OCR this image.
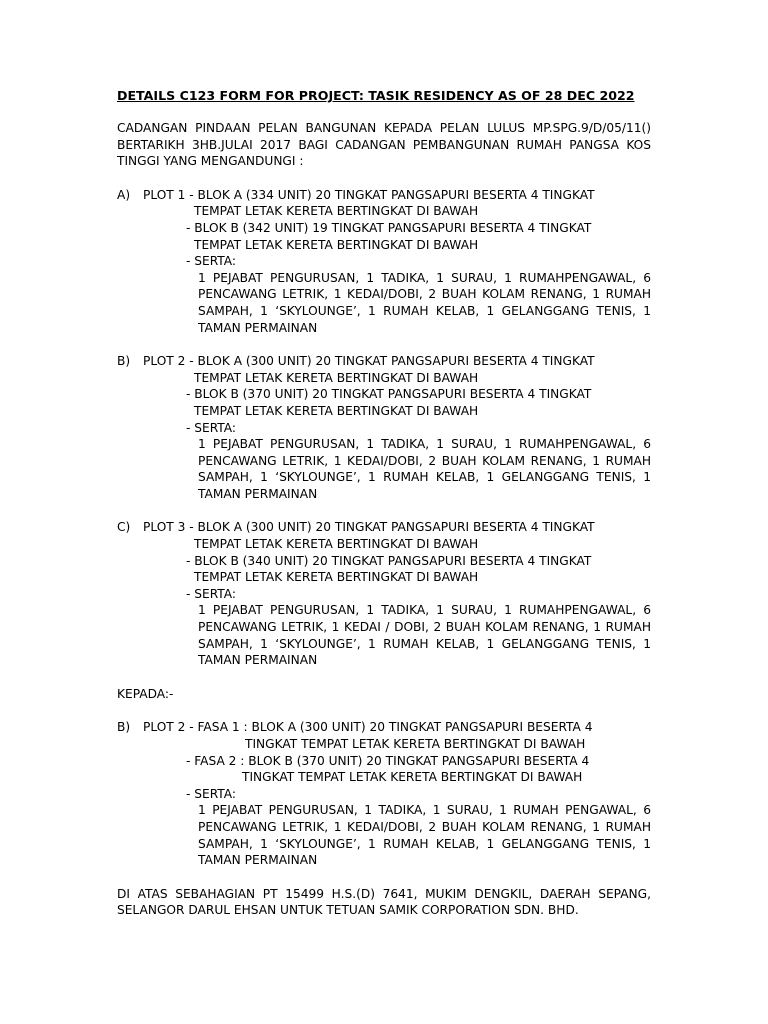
DETAILS C123 FORM FOR PROJECT: TASIK RESIDENCY AS OF 28 DEC 2022
CADANGAN PINDAAN PELAN BANGUNAN KEPADA PELAN LULUS MP.SPG.9/D/05/11() BERTARIKH 3HB.JULAI 2017 BAGI CADANGAN PEMBANGUNAN RUMAH PANGSA KOS TINGGI YANG MENGANDUNGI :
A) PLOT 1 - BLOK A (334 UNIT) 20 TINGKAT PANGSAPURI BESERTA 4 TINGKAT
TEMPAT LETAK KERETA BERTINGKAT DI BAWAH
- BLOK B (342 UNIT) 19 TINGKAT PANGSAPURI BESERTA 4 TINGKAT
TEMPAT LETAK KERETA BERTINGKAT DI BAWAH
- SERTA:
1 PEJABAT PENGURUSAN, 1 TADIKA, 1 SURAU, 1 RUMAHPENGAWAL, 6 PENCAWANG LETRIK, 1 KEDAI/DOBI, 2 BUAH KOLAM RENANG, 1 RUMAH SAMPAH, 1 ‘SKYLOUNGE’, 1 RUMAH KELAB, 1 GELANGGANG TENIS, 1 TAMAN PERMAINAN
B) PLOT 2 - BLOK A (300 UNIT) 20 TINGKAT PANGSAPURI BESERTA 4 TINGKAT
TEMPAT LETAK KERETA BERTINGKAT DI BAWAH
- BLOK B (370 UNIT) 20 TINGKAT PANGSAPURI BESERTA 4 TINGKAT
TEMPAT LETAK KERETA BERTINGKAT DI BAWAH
- SERTA:
1 PEJABAT PENGURUSAN, 1 TADIKA, 1 SURAU, 1 RUMAHPENGAWAL, 6 PENCAWANG LETRIK, 1 KEDAI/DOBI, 2 BUAH KOLAM RENANG, 1 RUMAH SAMPAH, 1 ‘SKYLOUNGE’, 1 RUMAH KELAB, 1 GELANGGANG TENIS, 1 TAMAN PERMAINAN
C) PLOT 3 - BLOK A (300 UNIT) 20 TINGKAT PANGSAPURI BESERTA 4 TINGKAT
TEMPAT LETAK KERETA BERTINGKAT DI BAWAH
- BLOK B (340 UNIT) 20 TINGKAT PANGSAPURI BESERTA 4 TINGKAT
TEMPAT LETAK KERETA BERTINGKAT DI BAWAH
- SERTA:
1 PEJABAT PENGURUSAN, 1 TADIKA, 1 SURAU, 1 RUMAHPENGAWAL, 6 PENCAWANG LETRIK, 1 KEDAI / DOBI, 2 BUAH KOLAM RENANG, 1 RUMAH SAMPAH, 1 ‘SKYLOUNGE’, 1 RUMAH KELAB, 1 GELANGGANG TENIS, 1 TAMAN PERMAINAN
KEPADA:-
B) PLOT 2 - FASA 1 : BLOK A (300 UNIT) 20 TINGKAT PANGSAPURI BESERTA 4
TINGKAT TEMPAT LETAK KERETA BERTINGKAT DI BAWAH
- FASA 2 : BLOK B (370 UNIT) 20 TINGKAT PANGSAPURI BESERTA 4
TINGKAT TEMPAT LETAK KERETA BERTINGKAT DI BAWAH
- SERTA:
1 PEJABAT PENGURUSAN, 1 TADIKA, 1 SURAU, 1 RUMAH PENGAWAL, 6 PENCAWANG LETRIK, 1 KEDAI/DOBI, 2 BUAH KOLAM RENANG, 1 RUMAH SAMPAH, 1 ‘SKYLOUNGE’, 1 RUMAH KELAB, 1 GELANGGANG TENIS, 1 TAMAN PERMAINAN
DI ATAS SEBAHAGIAN PT 15499 H.S.(D) 7641, MUKIM DENGKIL, DAERAH SEPANG, SELANGOR DARUL EHSAN UNTUK TETUAN SAMIK CORPORATION SDN. BHD.
